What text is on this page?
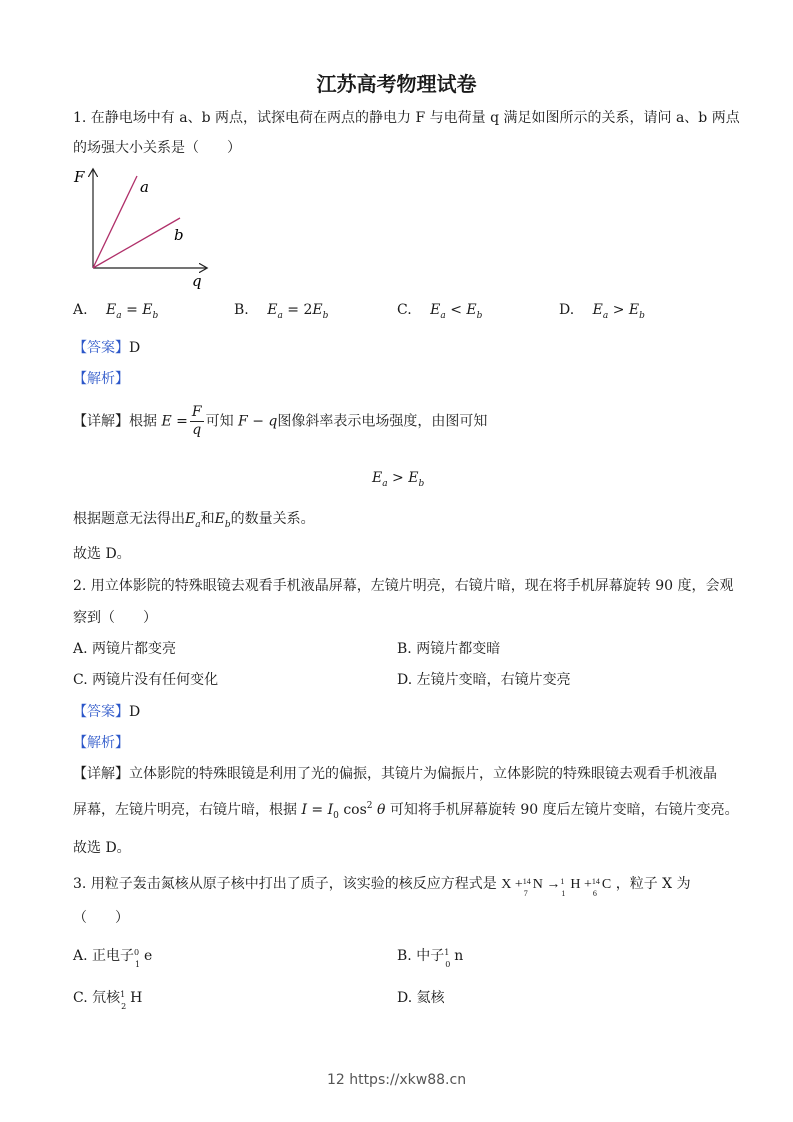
江苏高考物理试卷
1. 在静电场中有 a、b 两点，试探电荷在两点的静电力 F 与电荷量 q 满足如图所示的关系，请问 a、b 两点
的场强大小关系是（　　）
F
q
a
b
A. $E_a = E_b$	B. $E_a = 2E_b$	C. $E_a < E_b$	D. $E_a > E_b$
【答案】D
【解析】
【详解】根据 $E = \frac{F}{q}$ 可知 F − q图像斜率表示电场强度，由图可知
$E_a > E_b$
根据题意无法得出$E_a$和$E_b$的数量关系。
故选 D。
2. 用立体影院的特殊眼镜去观看手机液晶屏幕，左镜片明亮，右镜片暗，现在将手机屏幕旋转 90 度，会观
察到（　　）
A. 两镜片都变亮	B. 两镜片都变暗
C. 两镜片没有任何变化	D. 左镜片变暗，右镜片变亮
【答案】D
【解析】
【详解】立体影院的特殊眼镜是利用了光的偏振，其镜片为偏振片，立体影院的特殊眼镜去观看手机液晶
屏幕，左镜片明亮，右镜片暗，根据 $I = I_0$ $\cos^2 \theta$ 可知将手机屏幕旋转 90 度后左镜片变暗，右镜片变亮。
故选 D。
3. 用粒子轰击氮核从原子核中打出了质子，该实验的核反应方程式是 X + 14
7
N → 1
1
H + 14
6
C ，粒子 X 为
（　　）
A. 正电子 0
1
e	B. 中子 1
0
n
C. 氘核 1
2
H	D. 氦核
12 https://xkw88.cn
